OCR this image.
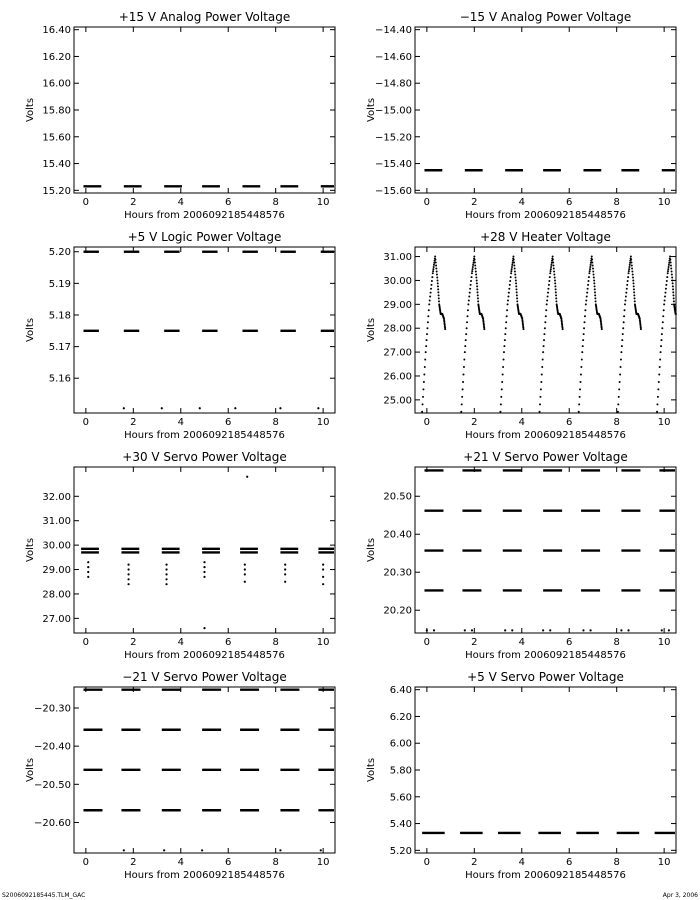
+15 V Analog Power Voltage
Hours from 2006092185448576
Volts
0	2	4	6	8	10
15.20
15.40
15.60
15.80
16.00
16.20
16.40
−15 V Analog Power Voltage
Hours from 2006092185448576
Volts
0	2	4	6	8	10
−15.60
−15.40
−15.20
−15.00
−14.80
−14.60
−14.40
+5 V Logic Power Voltage
Hours from 2006092185448576
Volts
0	2	4	6	8	10
5.16
5.17
5.18
5.19
5.20
+28 V Heater Voltage
Hours from 2006092185448576
Volts
0	2	4	6	8	10
25.00
26.00
27.00
28.00
29.00
30.00
31.00
+30 V Servo Power Voltage
Hours from 2006092185448576
Volts
0	2	4	6	8	10
27.00
28.00
29.00
30.00
31.00
32.00
+21 V Servo Power Voltage
Hours from 2006092185448576
Volts
0	2	4	6	8	10
20.20
20.30
20.40
20.50
−21 V Servo Power Voltage
Hours from 2006092185448576
Volts
0	2	4	6	8	10
−20.60
−20.50
−20.40
−20.30
+5 V Servo Power Voltage
Hours from 2006092185448576
Volts
0	2	4	6	8	10
5.20
5.40
5.60
5.80
6.00
6.20
6.40
S2006092185445.TLM_GAC	Apr 3, 2006
